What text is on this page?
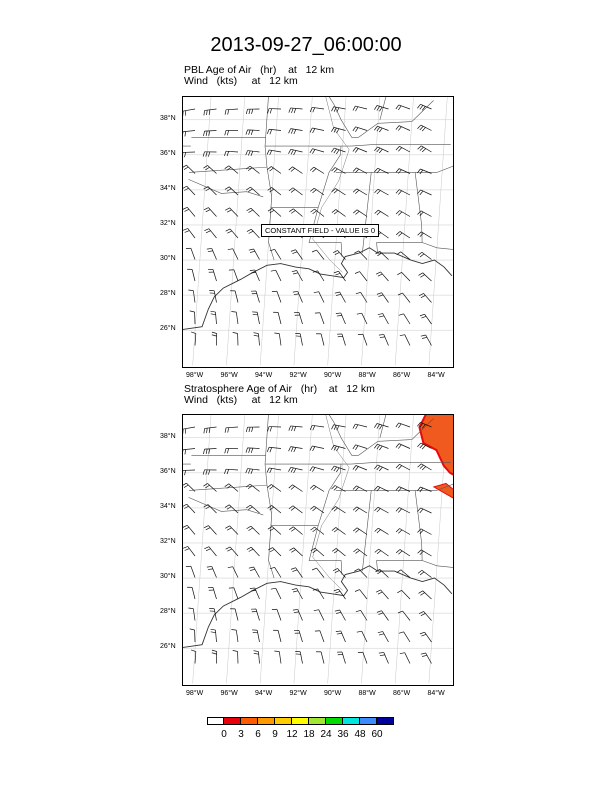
2013-09-27_06:00:00
PBL Age of Air   (hr)    at   12 km
Wind   (kts)     at   12 km
CONSTANT FIELD - VALUE IS 0
Stratosphere Age of Air   (hr)    at   12 km
Wind   (kts)     at   12 km
38°N
36°N
34°N
32°N
30°N
28°N
26°N
98°W 96°W 94°W 92°W 90°W 88°W 86°W 84°W
38°N
36°N
34°N
32°N
30°N
28°N
26°N
98°W 96°W 94°W 92°W 90°W 88°W 86°W 84°W
0 3 6 9 12 18 24 36 48 60
